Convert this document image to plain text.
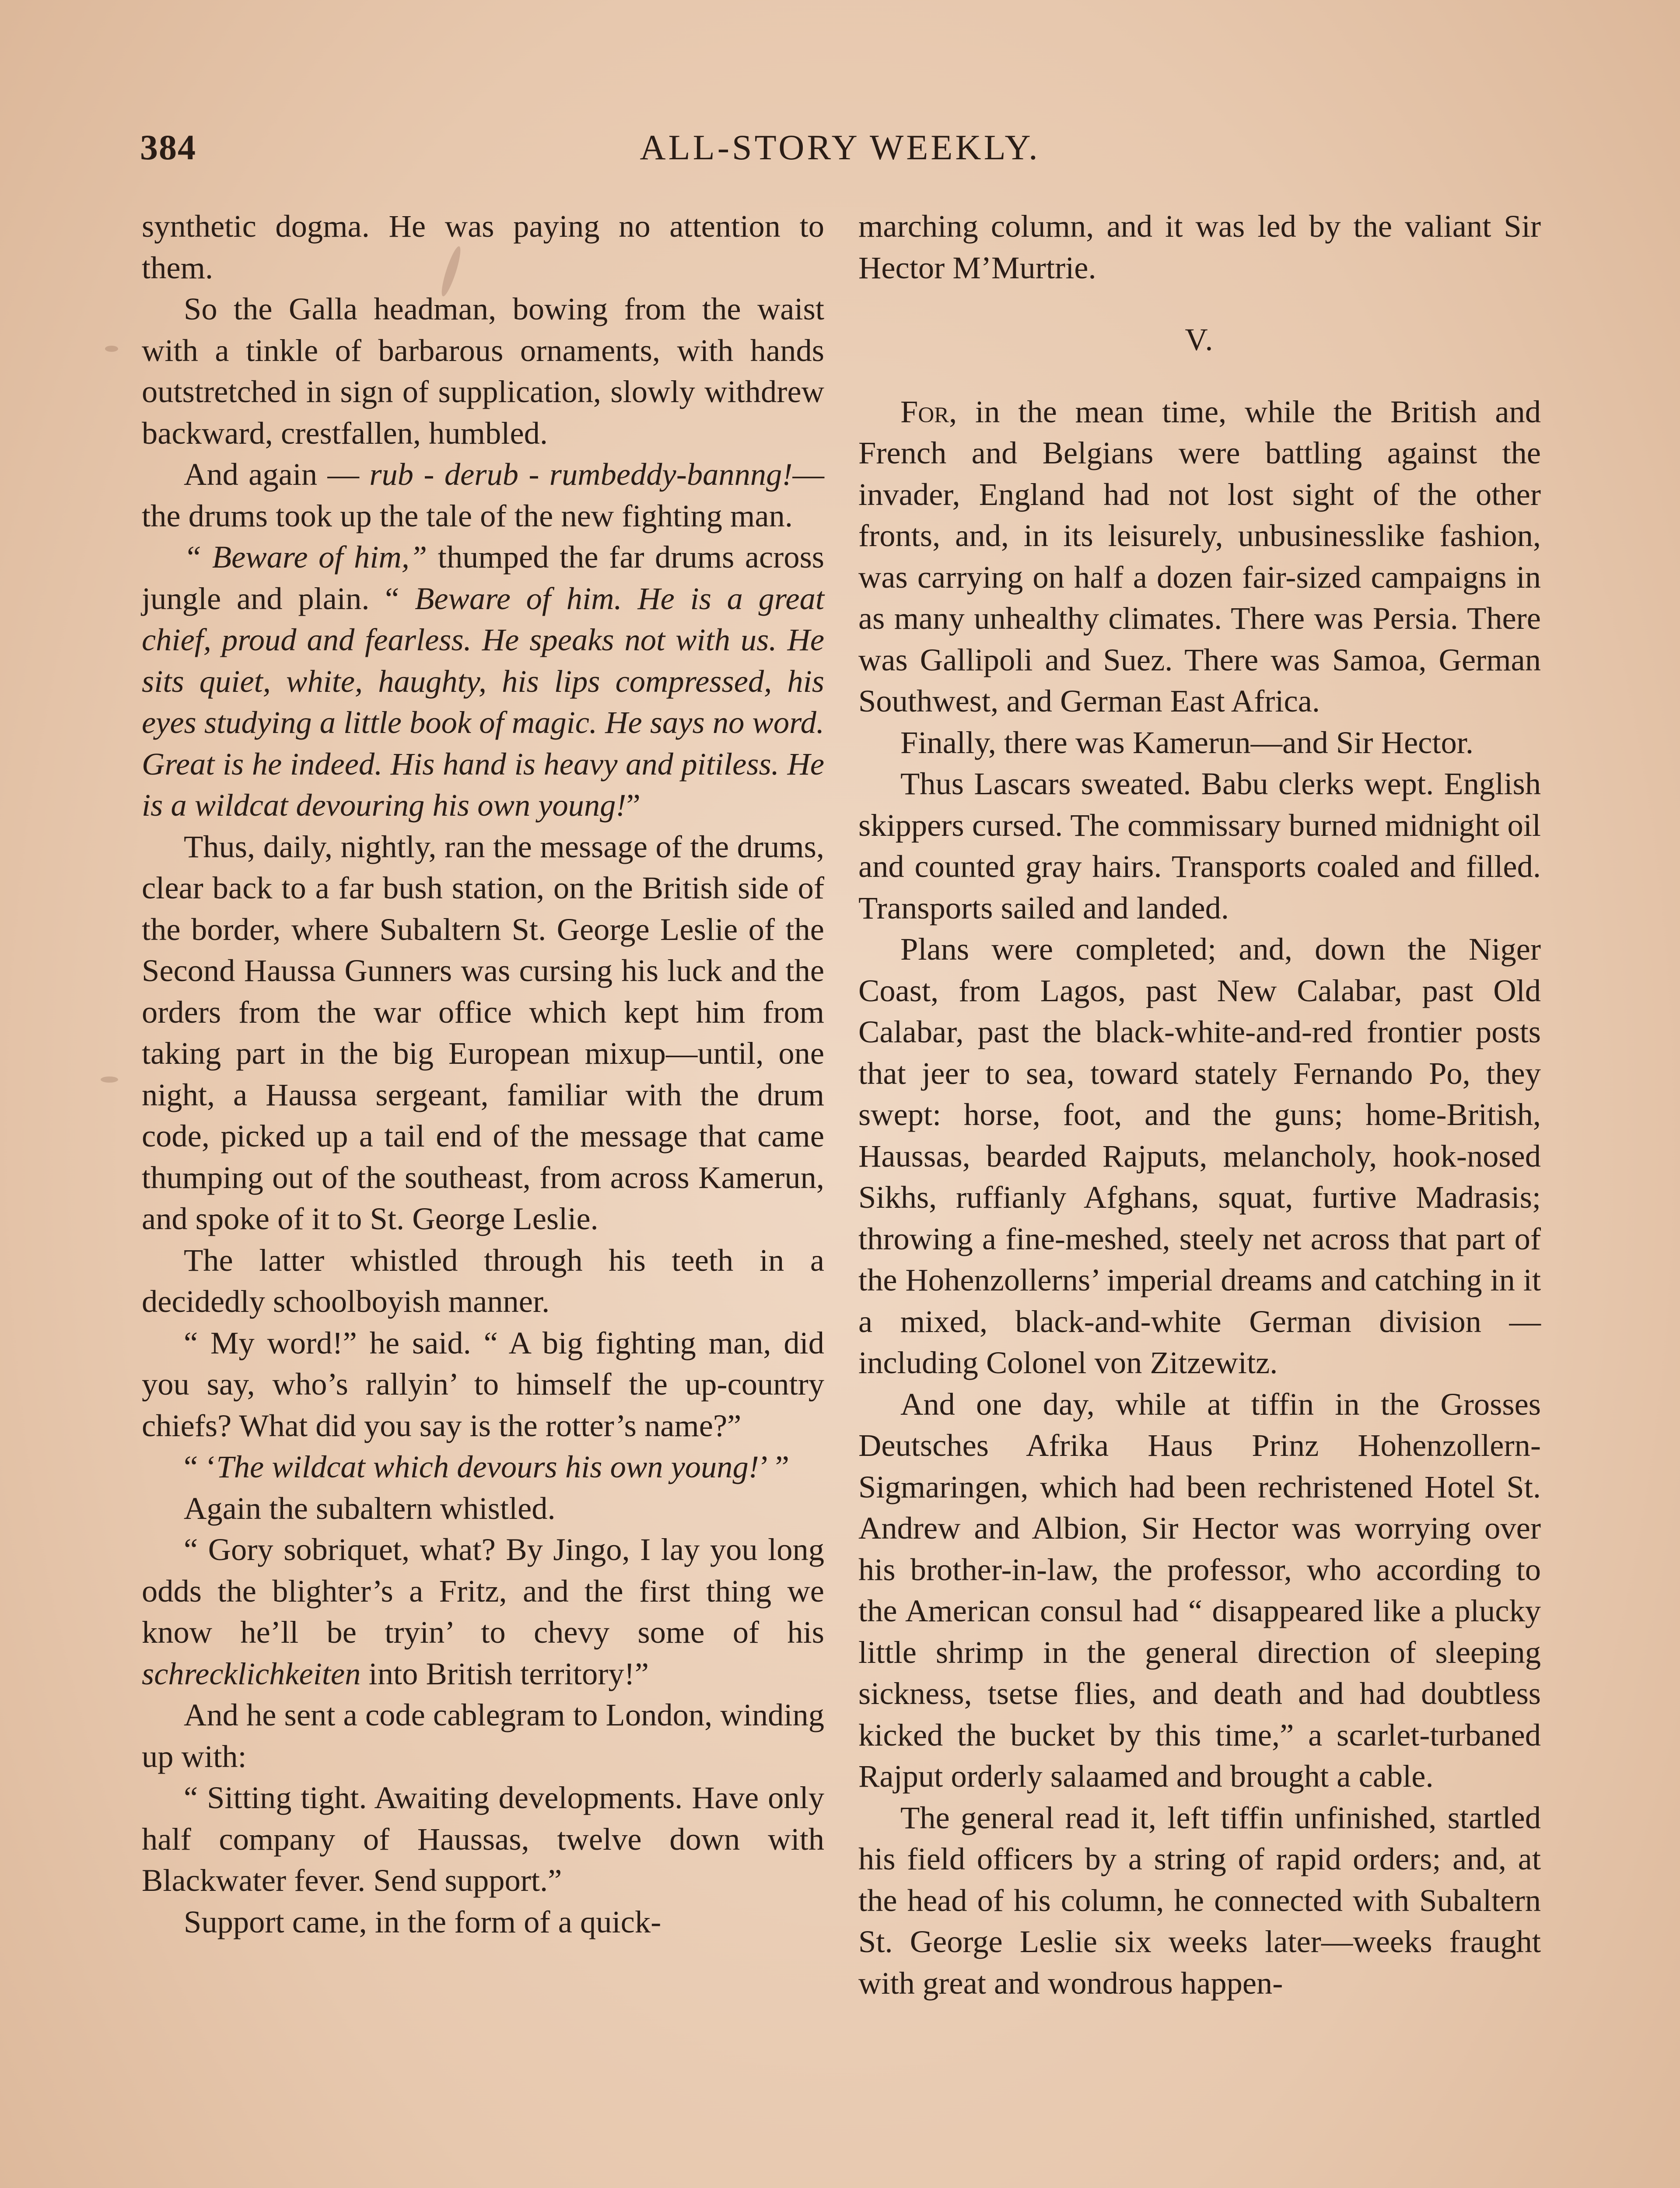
384	ALL-STORY WEEKLY.

synthetic dogma. He was paying no attention to them.

So the Galla headman, bowing from the waist with a tinkle of barbarous ornaments, with hands outstretched in sign of supplication, slowly withdrew backward, crestfallen, humbled.

And again — rub - derub - rumbeddy-bannng!—the drums took up the tale of the new fighting man.

“ Beware of him,” thumped the far drums across jungle and plain. “ Beware of him. He is a great chief, proud and fearless. He speaks not with us. He sits quiet, white, haughty, his lips compressed, his eyes studying a little book of magic. He says no word. Great is he indeed. His hand is heavy and pitiless. He is a wildcat devouring his own young!”

Thus, daily, nightly, ran the message of the drums, clear back to a far bush station, on the British side of the border, where Subaltern St. George Leslie of the Second Haussa Gunners was cursing his luck and the orders from the war office which kept him from taking part in the big European mixup—until, one night, a Haussa sergeant, familiar with the drum code, picked up a tail end of the message that came thumping out of the southeast, from across Kamerun, and spoke of it to St. George Leslie.

The latter whistled through his teeth in a decidedly schoolboyish manner.

“ My word!” he said. “ A big fighting man, did you say, who’s rallyin’ to himself the up-country chiefs? What did you say is the rotter’s name?”

“ ‘The wildcat which devours his own young!’ ”

Again the subaltern whistled.

“ Gory sobriquet, what? By Jingo, I lay you long odds the blighter’s a Fritz, and the first thing we know he’ll be tryin’ to chevy some of his schrecklichkeiten into British territory!”

And he sent a code cablegram to London, winding up with:

“ Sitting tight. Awaiting developments. Have only half company of Haussas, twelve down with Blackwater fever. Send support.”

Support came, in the form of a quick-

marching column, and it was led by the valiant Sir Hector M’Murtrie.

V.

For, in the mean time, while the British and French and Belgians were battling against the invader, England had not lost sight of the other fronts, and, in its leisurely, unbusinesslike fashion, was carrying on half a dozen fair-sized campaigns in as many unhealthy climates. There was Persia. There was Gallipoli and Suez. There was Samoa, German Southwest, and German East Africa.

Finally, there was Kamerun—and Sir Hector.

Thus Lascars sweated. Babu clerks wept. English skippers cursed. The commissary burned midnight oil and counted gray hairs. Transports coaled and filled. Transports sailed and landed.

Plans were completed; and, down the Niger Coast, from Lagos, past New Calabar, past Old Calabar, past the black-white-and-red frontier posts that jeer to sea, toward stately Fernando Po, they swept: horse, foot, and the guns; home-British, Haussas, bearded Rajputs, melancholy, hook-nosed Sikhs, ruffianly Afghans, squat, furtive Madrasis; throwing a fine-meshed, steely net across that part of the Hohenzollerns’ imperial dreams and catching in it a mixed, black-and-white German division —including Colonel von Zitzewitz.

And one day, while at tiffin in the Grosses Deutsches Afrika Haus Prinz Hohenzollern-Sigmaringen, which had been rechristened Hotel St. Andrew and Albion, Sir Hector was worrying over his brother-in-law, the professor, who according to the American consul had “ disappeared like a plucky little shrimp in the general direction of sleeping sickness, tsetse flies, and death and had doubtless kicked the bucket by this time,” a scarlet-turbaned Rajput orderly salaamed and brought a cable.

The general read it, left tiffin unfinished, startled his field officers by a string of rapid orders; and, at the head of his column, he connected with Subaltern St. George Leslie six weeks later—weeks fraught with great and wondrous happen-
